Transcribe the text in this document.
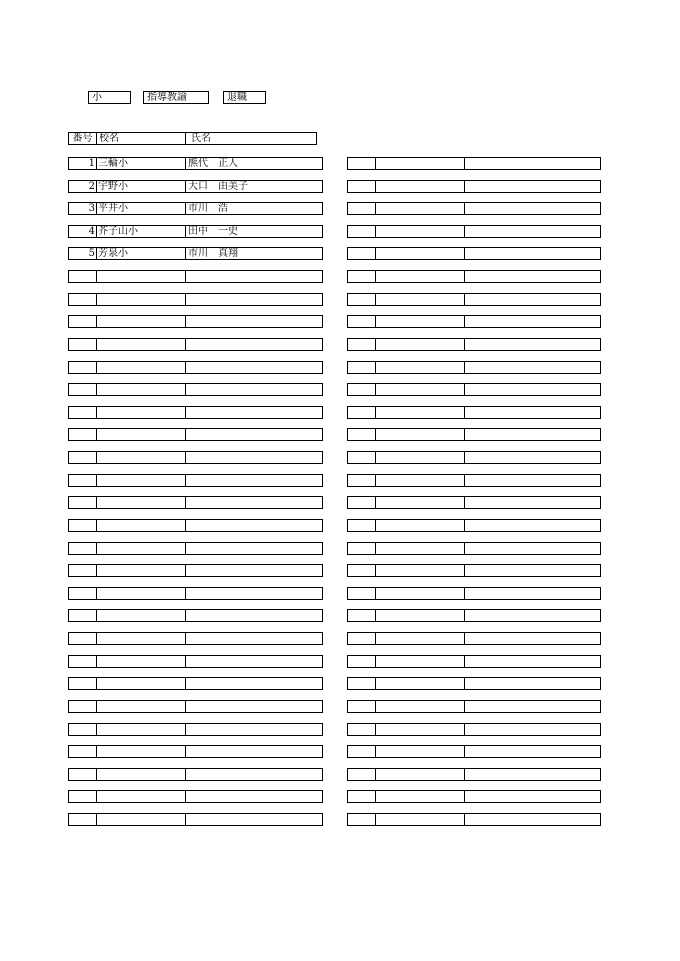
小	指導教諭	退職
番号 校名	氏名
1 三輪小	熊代　正人
2 宇野小	大口　由美子
3 平井小	市川　浩
4 芥子山小	田中　一史
5 芳泉小	市川　真翔
